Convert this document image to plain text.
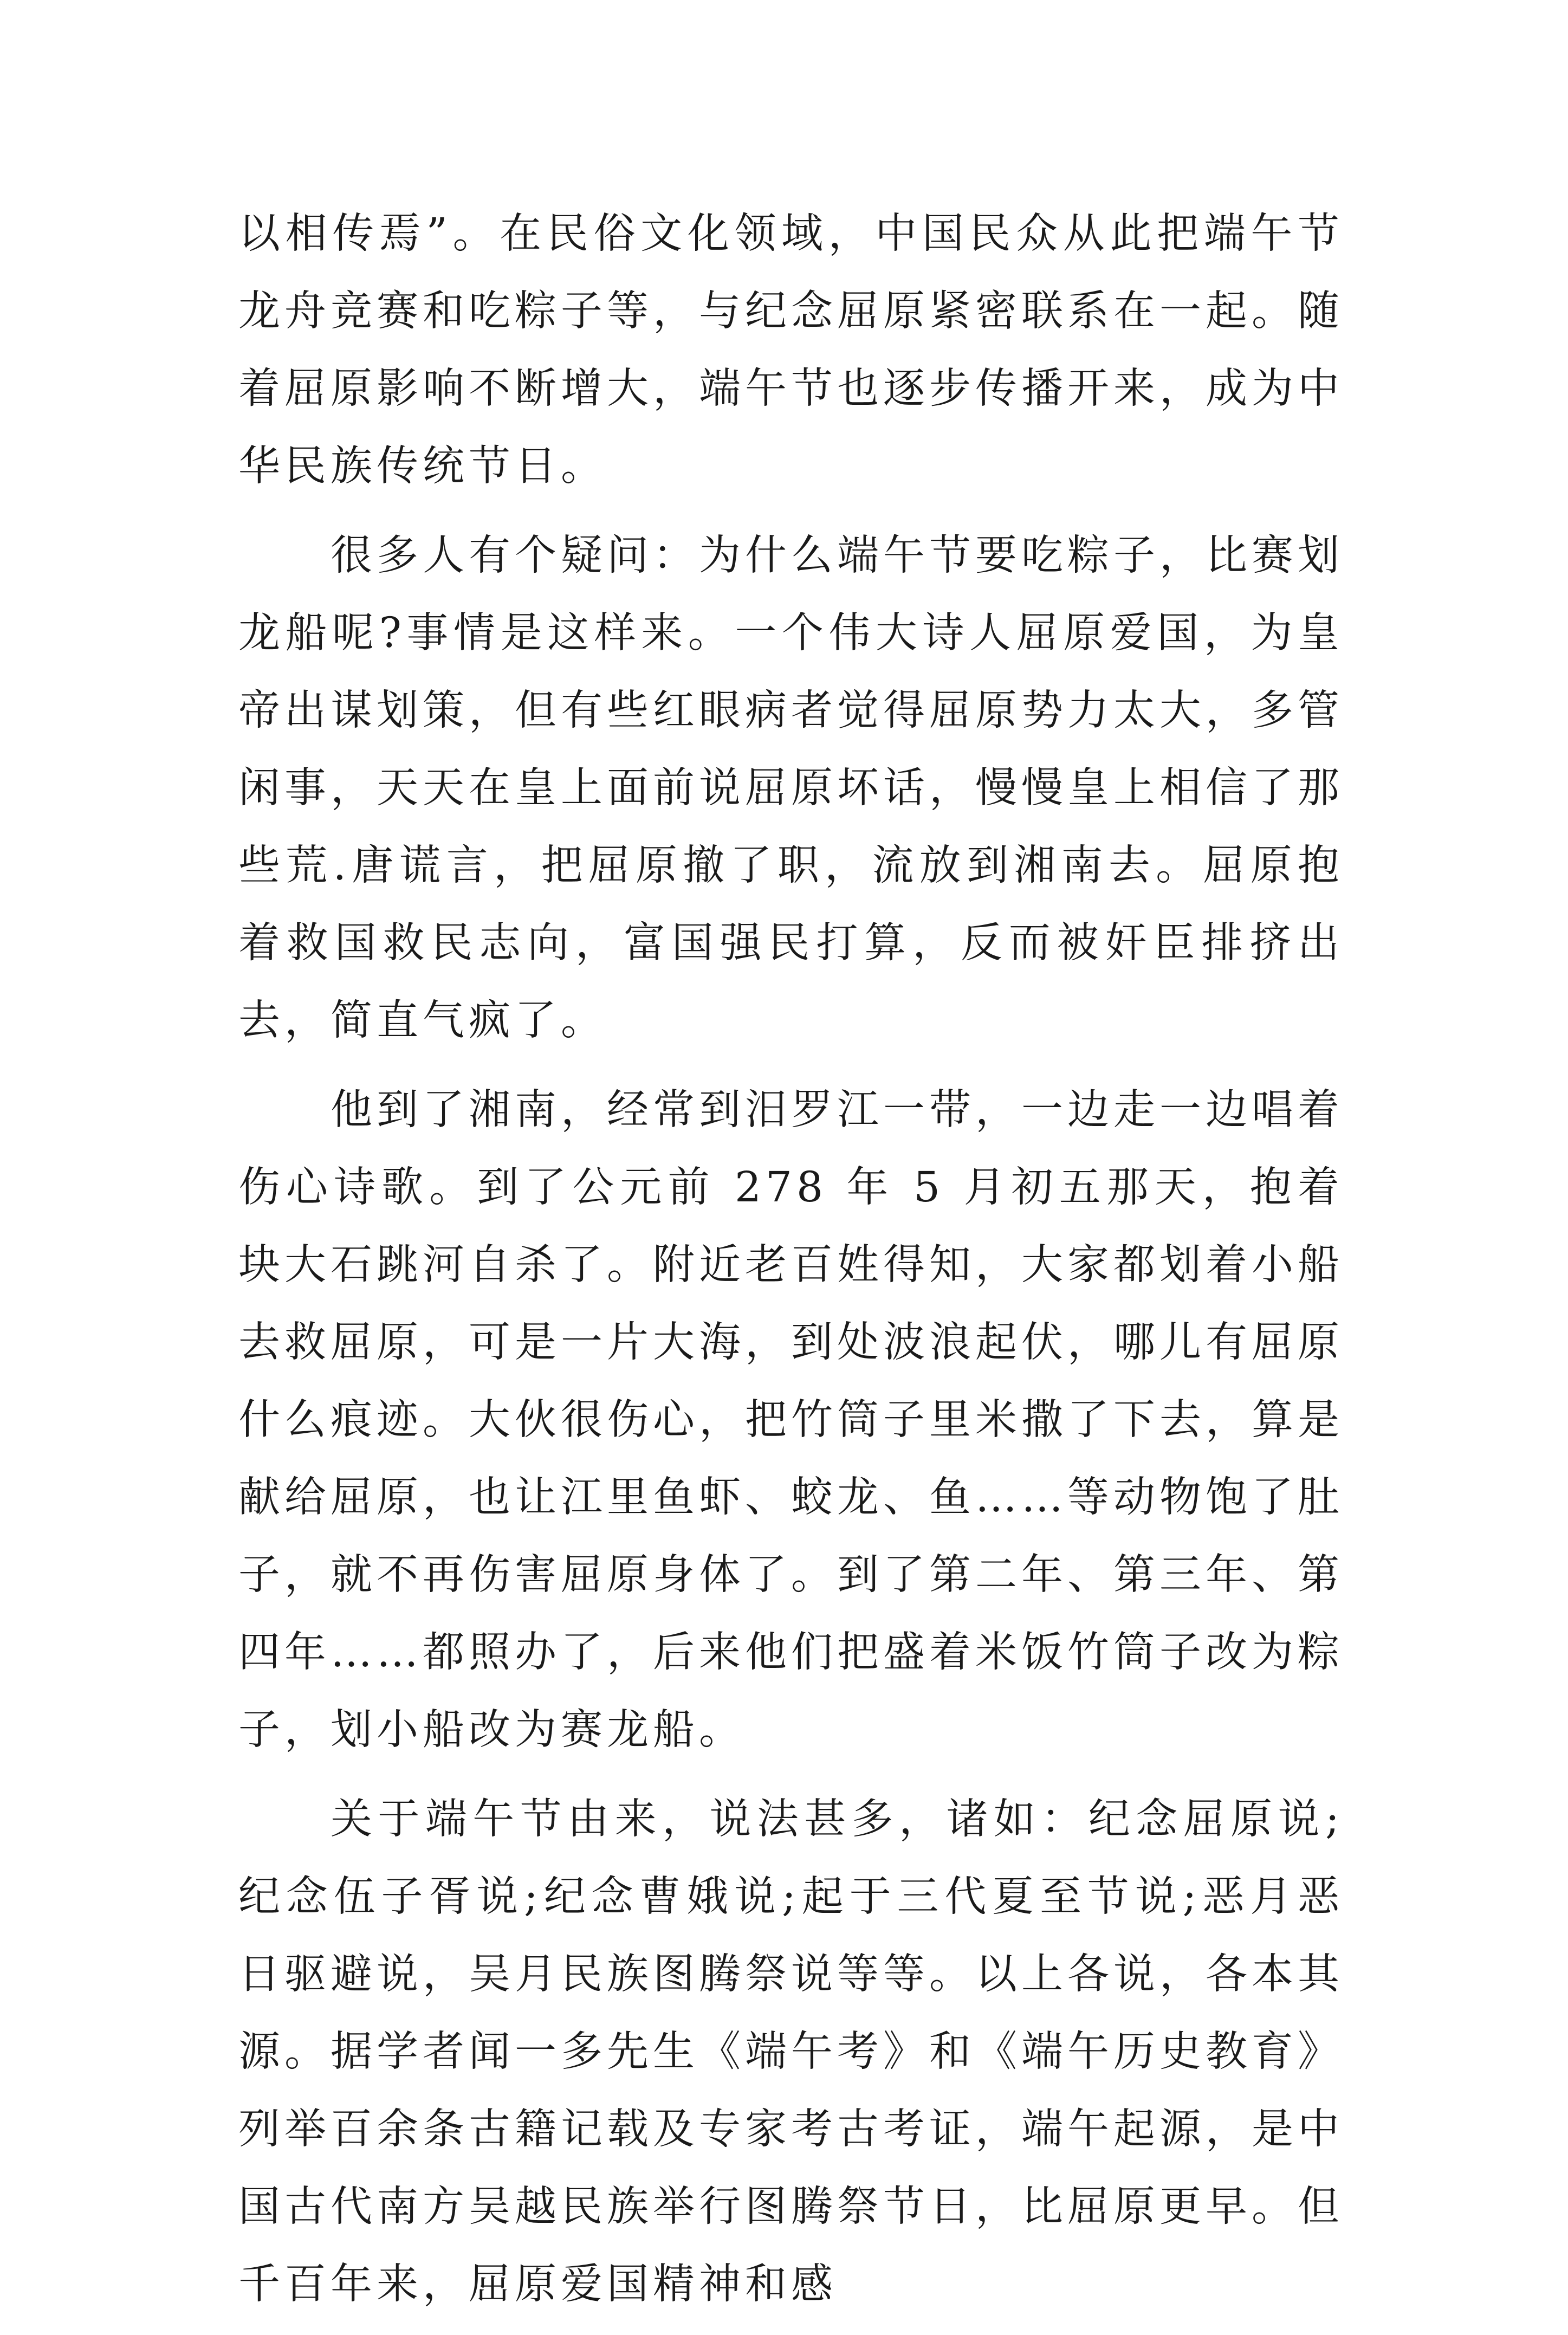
以相传焉”。在民俗文化领域，中国民众从此把端午节龙舟竞赛和吃粽子等，与纪念屈原紧密联系在一起。随着屈原影响不断增大，端午节也逐步传播开来，成为中华民族传统节日。

很多人有个疑问：为什么端午节要吃粽子，比赛划龙船呢?事情是这样来。一个伟大诗人屈原爱国，为皇帝出谋划策，但有些红眼病者觉得屈原势力太大，多管闲事，天天在皇上面前说屈原坏话，慢慢皇上相信了那些荒.唐谎言，把屈原撤了职，流放到湘南去。屈原抱着救国救民志向，富国强民打算，反而被奸臣排挤出去，简直气疯了。

他到了湘南，经常到汨罗江一带，一边走一边唱着伤心诗歌。到了公元前 278 年 5 月初五那天，抱着块大石跳河自杀了。附近老百姓得知，大家都划着小船去救屈原，可是一片大海，到处波浪起伏，哪儿有屈原什么痕迹。大伙很伤心，把竹筒子里米撒了下去，算是献给屈原，也让江里鱼虾、蛟龙、鱼……等动物饱了肚子，就不再伤害屈原身体了。到了第二年、第三年、第四年……都照办了，后来他们把盛着米饭竹筒子改为粽子，划小船改为赛龙船。

关于端午节由来，说法甚多，诸如：纪念屈原说;纪念伍子胥说;纪念曹娥说;起于三代夏至节说;恶月恶日驱避说，吴月民族图腾祭说等等。以上各说，各本其源。据学者闻一多先生《端午考》和《端午历史教育》列举百余条古籍记载及专家考古考证，端午起源，是中国古代南方吴越民族举行图腾祭节日，比屈原更早。但千百年来，屈原爱国精神和感
